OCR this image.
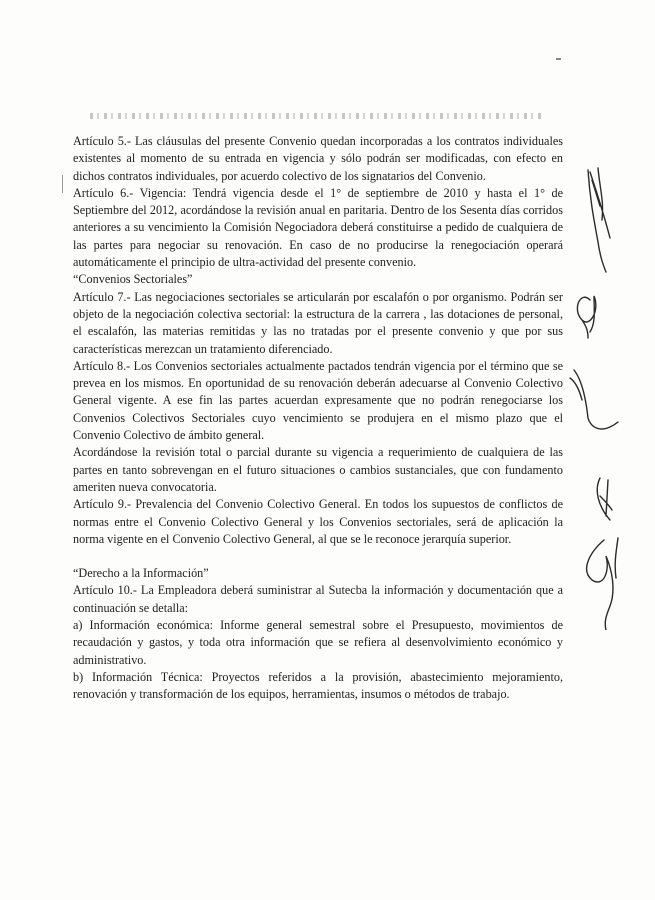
Artículo 5.- Las cláusulas del presente Convenio quedan incorporadas a los contratos individuales existentes al momento de su entrada en vigencia y sólo podrán ser modificadas, con efecto en dichos contratos individuales, por acuerdo colectivo de los signatarios del Convenio.

Artículo 6.- Vigencia: Tendrá vigencia desde el 1° de septiembre de 2010 y hasta el 1° de Septiembre del 2012, acordándose la revisión anual en paritaria. Dentro de los Sesenta días corridos anteriores a su vencimiento la Comisión Negociadora deberá constituirse a pedido de cualquiera de las partes para negociar su renovación. En caso de no producirse la renegociación operará automáticamente el principio de ultra-actividad del presente convenio.

“Convenios Sectoriales”

Artículo 7.- Las negociaciones sectoriales se articularán por escalafón o por organismo. Podrán ser objeto de la negociación colectiva sectorial: la estructura de la carrera , las dotaciones de personal, el escalafón, las materias remitidas y las no tratadas por el presente convenio y que por sus características merezcan un tratamiento diferenciado.

Artículo 8.- Los Convenios sectoriales actualmente pactados tendrán vigencia por el término que se prevea en los mismos. En oportunidad de su renovación deberán adecuarse al Convenio Colectivo General vigente. A ese fin las partes acuerdan expresamente que no podrán renegociarse los Convenios Colectivos Sectoriales cuyo vencimiento se produjera en el mismo plazo que el Convenio Colectivo de ámbito general.

Acordándose la revisión total o parcial durante su vigencia a requerimiento de cualquiera de las partes en tanto sobrevengan en el futuro situaciones o cambios sustanciales, que con fundamento ameriten nueva convocatoria.

Artículo 9.- Prevalencia del Convenio Colectivo General. En todos los supuestos de conflictos de normas entre el Convenio Colectivo General y los Convenios sectoriales, será de aplicación la norma vigente en el Convenio Colectivo General, al que se le reconoce jerarquía superior.

“Derecho a la Información”

Artículo 10.- La Empleadora deberá suministrar al Sutecba la información y documentación que a continuación se detalla:

a) Información económica: Informe general semestral sobre el Presupuesto, movimientos de recaudación y gastos, y toda otra información que se refiera al desenvolvimiento económico y administrativo.

b) Información Técnica: Proyectos referidos a la provisión, abastecimiento mejoramiento, renovación y transformación de los equipos, herramientas, insumos o métodos de trabajo.
